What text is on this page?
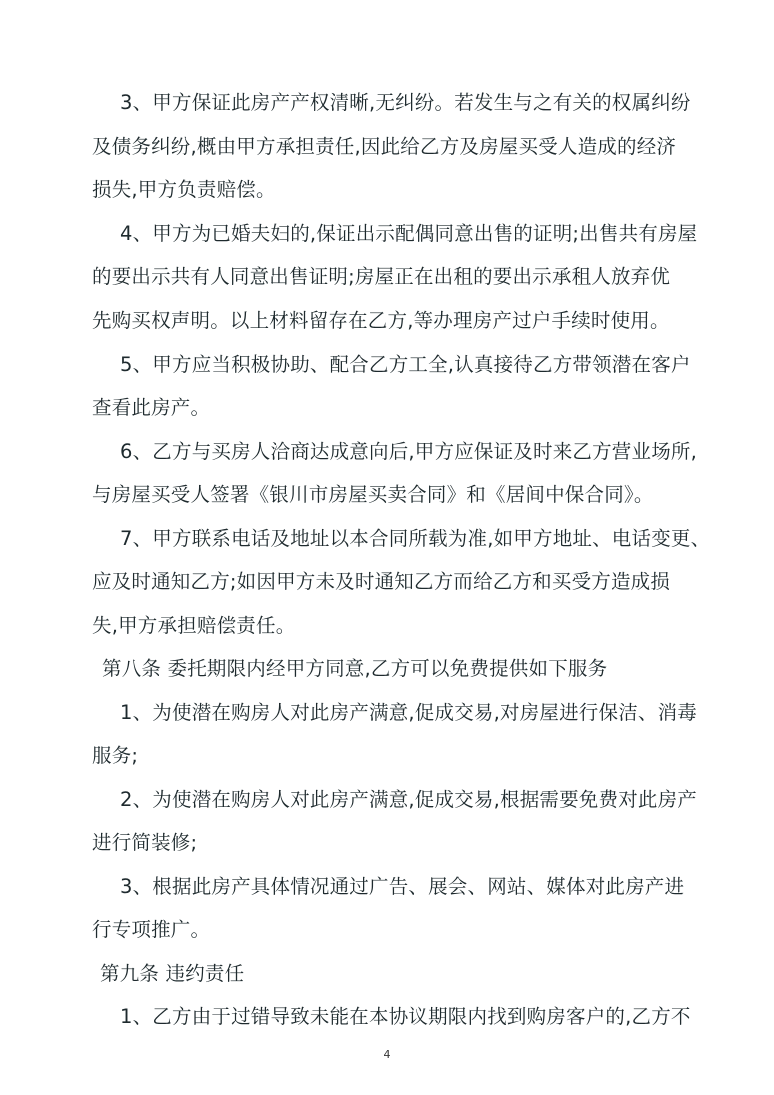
3、甲方保证此房产产权清晰,无纠纷。若发生与之有关的权属纠纷
及债务纠纷,概由甲方承担责任,因此给乙方及房屋买受人造成的经济
损失,甲方负责赔偿。
4、甲方为已婚夫妇的,保证出示配偶同意出售的证明;出售共有房屋
的要出示共有人同意出售证明;房屋正在出租的要出示承租人放弃优
先购买权声明。以上材料留存在乙方,等办理房产过户手续时使用。
5、甲方应当积极协助、配合乙方工全,认真接待乙方带领潜在客户
查看此房产。
6、乙方与买房人洽商达成意向后,甲方应保证及时来乙方营业场所,
与房屋买受人签署《银川市房屋买卖合同》和《居间中保合同》。
7、甲方联系电话及地址以本合同所载为准,如甲方地址、电话变更、
应及时通知乙方;如因甲方未及时通知乙方而给乙方和买受方造成损
失,甲方承担赔偿责任。
第八条 委托期限内经甲方同意,乙方可以免费提供如下服务
1、为使潜在购房人对此房产满意,促成交易,对房屋进行保洁、消毒
服务;
2、为使潜在购房人对此房产满意,促成交易,根据需要免费对此房产
进行简装修;
3、根据此房产具体情况通过广告、展会、网站、媒体对此房产进
行专项推广。
第九条 违约责任
1、乙方由于过错导致未能在本协议期限内找到购房客户的,乙方不
4
